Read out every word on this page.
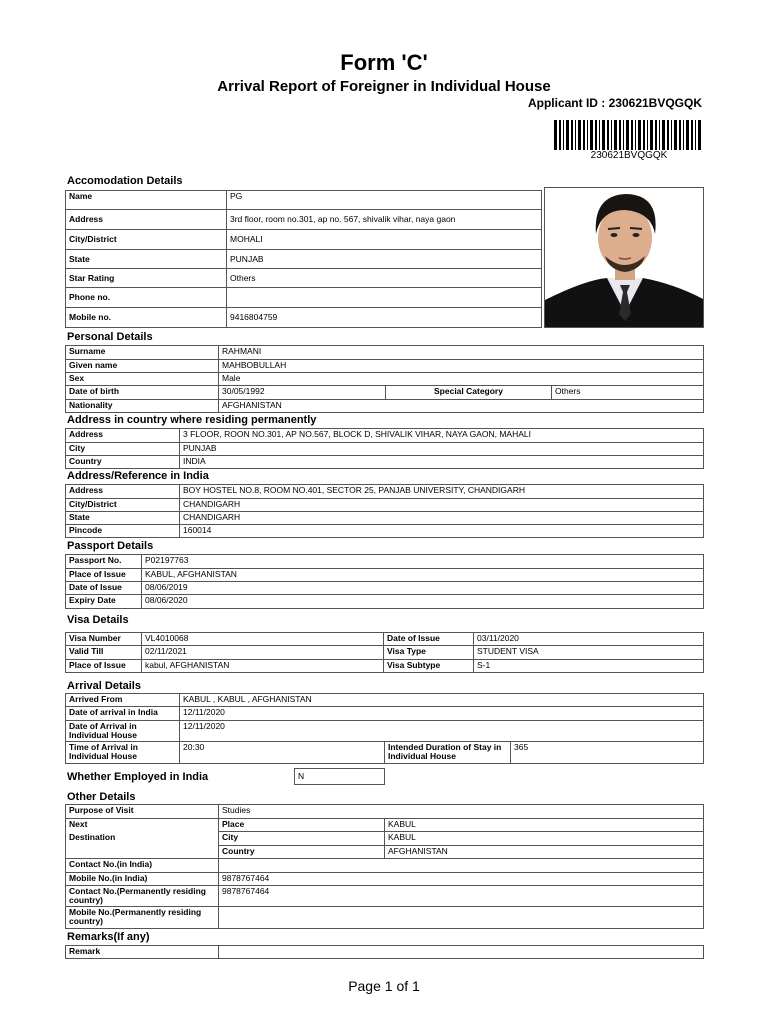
Form 'C'
Arrival Report of Foreigner in Individual House
Applicant ID : 230621BVQGQK
230621BVQGQK
Accomodation Details
Name	PG
Address	3rd floor, room no.301, ap no. 567, shivalik vihar, naya gaon
City/District	MOHALI
State	PUNJAB
Star Rating	Others
Phone no.	
Mobile no.	9416804759
Personal Details
Surname	RAHMANI		
Given name	MAHBOBULLAH		
Sex	Male		
Date of birth	30/05/1992	Special Category	Others
Nationality	AFGHANISTAN		
Address in country where residing permanently
Address	3 FLOOR, ROON NO.301, AP NO.567, BLOCK D, SHIVALIK VIHAR, NAYA GAON, MAHALI
City	PUNJAB
Country	INDIA
Address/Reference in India
Address	BOY HOSTEL NO.8, ROOM NO.401, SECTOR 25, PANJAB UNIVERSITY, CHANDIGARH
City/District	CHANDIGARH
State	CHANDIGARH
Pincode	160014
Passport Details
Passport No.	P02197763
Place of Issue	KABUL, AFGHANISTAN
Date of Issue	08/06/2019
Expiry Date	08/06/2020
Visa Details
Visa Number	VL4010068	Date of Issue	03/11/2020
Valid Till	02/11/2021	Visa Type	STUDENT VISA
Place of Issue	kabul, AFGHANISTAN	Visa Subtype	S-1
Arrival Details
Arrived From	KABUL , KABUL , AFGHANISTAN		
Date of arrival in India	12/11/2020		
Date of Arrival in Individual House	12/11/2020		
Time of Arrival in Individual House	20:30	Intended Duration of Stay in Individual House	365
Whether Employed in India	N
Other Details
Purpose of Visit	Studies	

Next
Destination	Place	KABUL
	City	KABUL
	Country	AFGHANISTAN
Contact No.(in India)		
Mobile No.(in India)	9878767464	
Contact No.(Permanently residing country)	9878767464	
Mobile No.(Permanently residing country)		
Remarks(If any)
Remark	
Page 1 of 1
